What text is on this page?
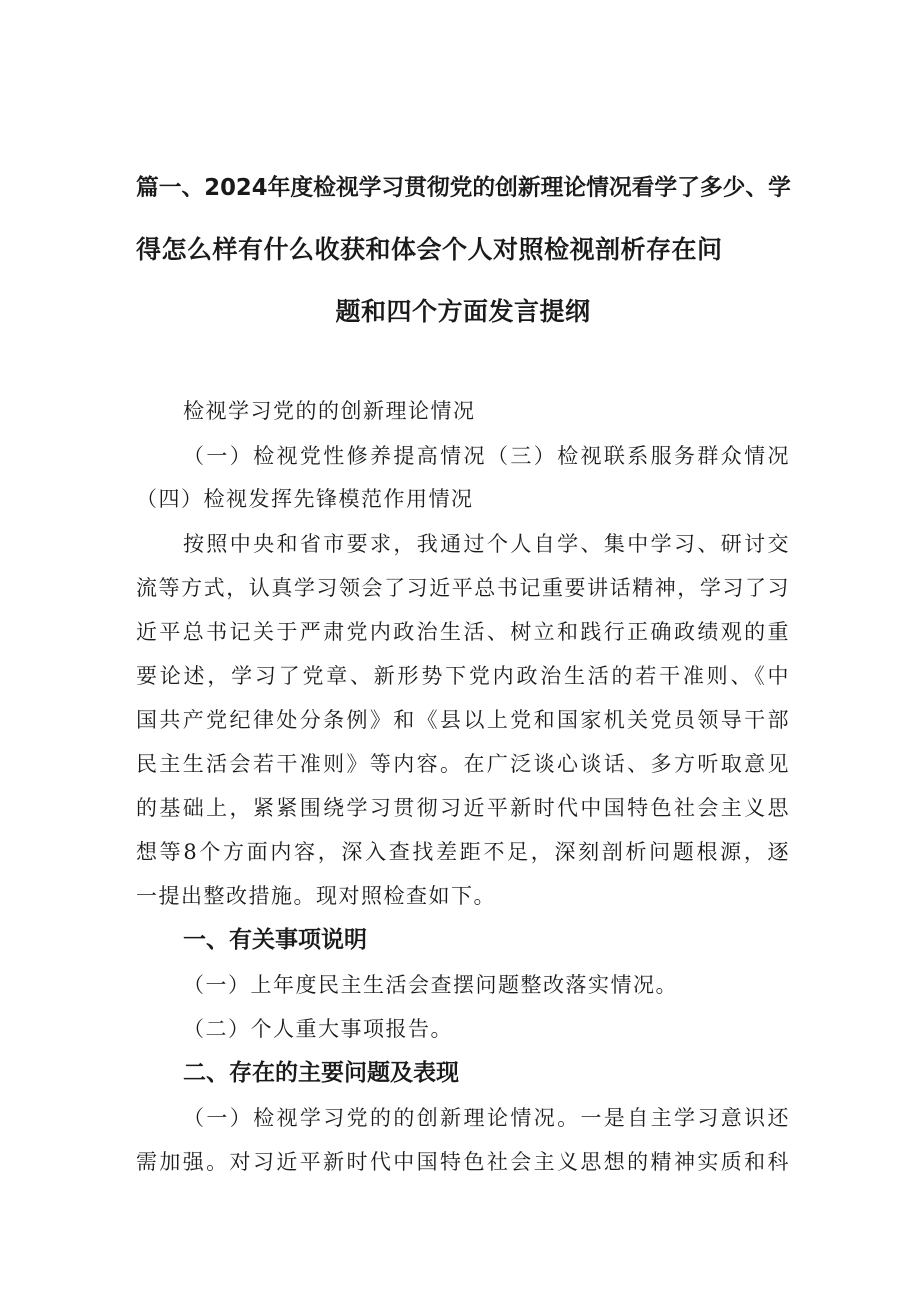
篇一、2024年度检视学习贯彻党的创新理论情况看学了多少、学
得怎么样有什么收获和体会个人对照检视剖析存在问
题和四个方面发言提纲

检视学习党的的创新理论情况

（一）检视党性修养提高情况（三）检视联系服务群众情况

（四）检视发挥先锋模范作用情况

按照中央和省市要求，我通过个人自学、集中学习、研讨交

流等方式，认真学习领会了习近平总书记重要讲话精神，学习了习

近平总书记关于严肃党内政治生活、树立和践行正确政绩观的重

要论述，学习了党章、新形势下党内政治生活的若干准则、《中

国共产党纪律处分条例》和《县以上党和国家机关党员领导干部

民主生活会若干准则》等内容。在广泛谈心谈话、多方听取意见

的基础上，紧紧围绕学习贯彻习近平新时代中国特色社会主义思

想等8个方面内容，深入查找差距不足，深刻剖析问题根源，逐

一提出整改措施。现对照检查如下。

一、有关事项说明

（一）上年度民主生活会查摆问题整改落实情况。

（二）个人重大事项报告。

二、存在的主要问题及表现

（一）检视学习党的的创新理论情况。一是自主学习意识还

需加强。对习近平新时代中国特色社会主义思想的精神实质和科
